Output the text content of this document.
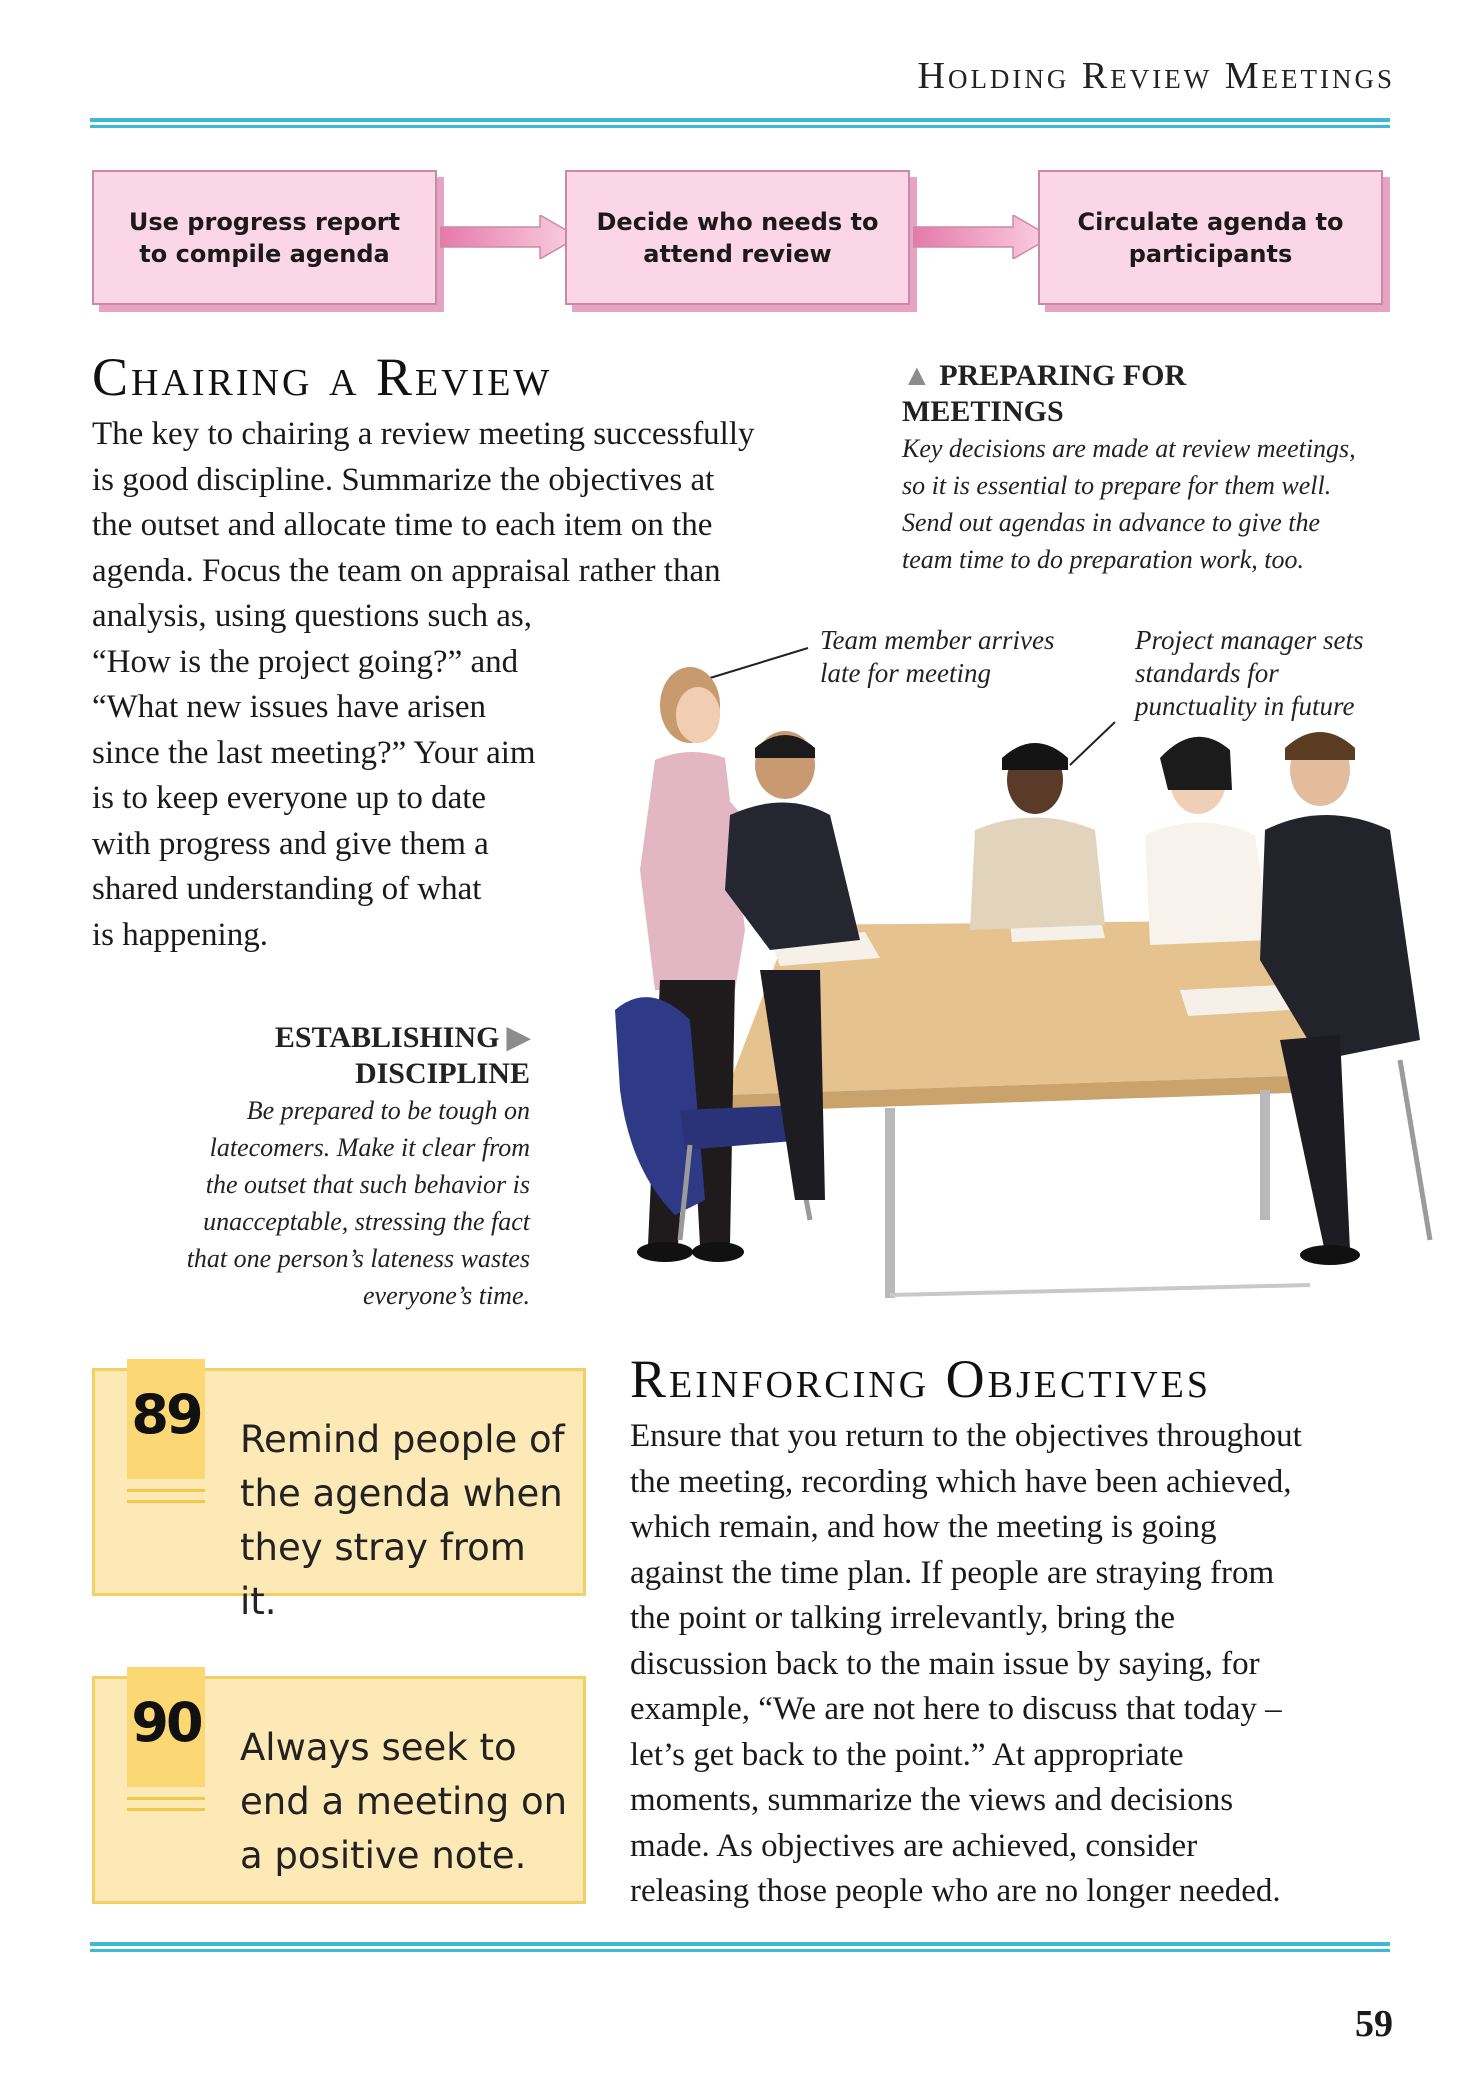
Holding Review Meetings
Use progress report
to compile agenda
Decide who needs to
attend review
Circulate agenda to
participants
Chairing a Review

The key to chairing a review meeting successfully

is good discipline. Summarize the objectives at

the outset and allocate time to each item on the

agenda. Focus the team on appraisal rather than

analysis, using questions such as,

“How is the project going?” and

“What new issues have arisen

since the last meeting?” Your aim

is to keep everyone up to date

with progress and give them a

shared understanding of what

is happening.

▲ PREPARING FOR
MEETINGS
Key decisions are made at review meetings,
so it is essential to prepare for them well.
Send out agendas in advance to give the
team time to do preparation work, too.
Team member arrives
late for meeting
Project manager sets
standards for
punctuality in future
ESTABLISHING ▶
DISCIPLINE
Be prepared to be tough on
latecomers. Make it clear from
the outset that such behavior is
unacceptable, stressing the fact
that one person’s lateness wastes
everyone’s time.
89 Remind people of
the agenda when
they stray from it.
90 Always seek to
end a meeting on
a positive note.
Reinforcing Objectives

Ensure that you return to the objectives throughout

the meeting, recording which have been achieved,

which remain, and how the meeting is going

against the time plan. If people are straying from

the point or talking irrelevantly, bring the

discussion back to the main issue by saying, for

example, “We are not here to discuss that today –

let’s get back to the point.” At appropriate

moments, summarize the views and decisions

made. As objectives are achieved, consider

releasing those people who are no longer needed.

59
